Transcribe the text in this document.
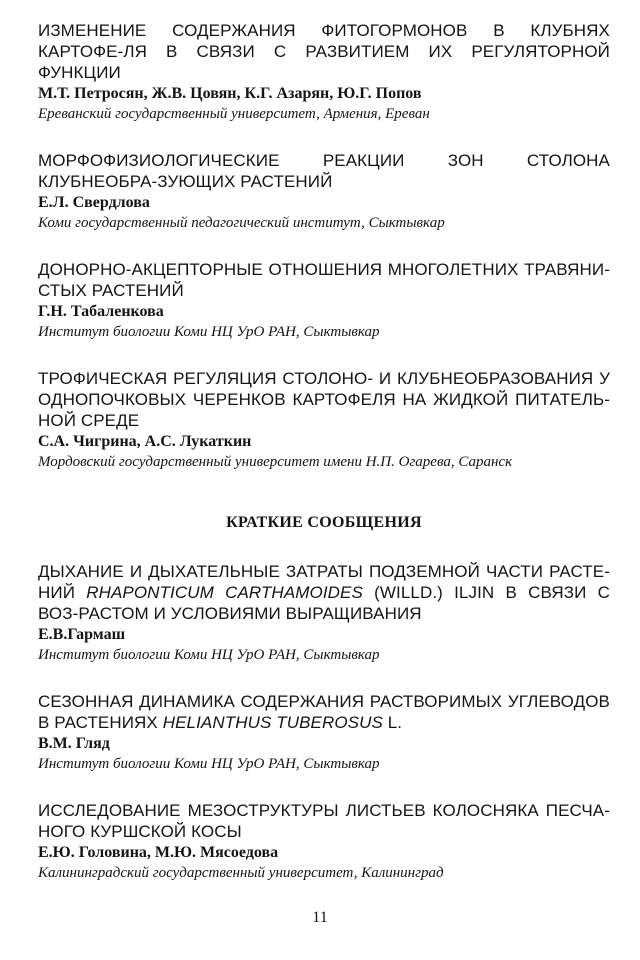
ИЗМЕНЕНИЕ СОДЕРЖАНИЯ ФИТОГОРМОНОВ В КЛУБНЯХ КАРТОФЕ-ЛЯ В СВЯЗИ С РАЗВИТИЕМ ИХ РЕГУЛЯТОРНОЙ ФУНКЦИИ
М.Т. Петросян, Ж.В. Цовян, К.Г. Азарян, Ю.Г. Попов
Ереванский государственный университет, Армения, Ереван
МОРФОФИЗИОЛОГИЧЕСКИЕ РЕАКЦИИ ЗОН СТОЛОНА КЛУБНЕОБРА-ЗУЮЩИХ РАСТЕНИЙ
Е.Л. Свердлова
Коми государственный педагогический институт, Сыктывкар
ДОНОРНО-АКЦЕПТОРНЫЕ ОТНОШЕНИЯ МНОГОЛЕТНИХ ТРАВЯНИ-СТЫХ РАСТЕНИЙ
Г.Н. Табаленкова
Институт биологии Коми НЦ УрО РАН, Сыктывкар
ТРОФИЧЕСКАЯ РЕГУЛЯЦИЯ СТОЛОНО- И КЛУБНЕОБРАЗОВАНИЯ У ОДНОПОЧКОВЫХ ЧЕРЕНКОВ КАРТОФЕЛЯ НА ЖИДКОЙ ПИТАТЕЛЬ-НОЙ СРЕДЕ
С.А. Чигрина, А.С. Лукаткин
Мордовский государственный университет имени Н.П. Огарева, Саранск
КРАТКИЕ СООБЩЕНИЯ
ДЫХАНИЕ И ДЫХАТЕЛЬНЫЕ ЗАТРАТЫ ПОДЗЕМНОЙ ЧАСТИ РАСТЕ-НИЙ RHAPONTICUM CARTHAMOIDES (WILLD.) ILJIN В СВЯЗИ С ВОЗ-РАСТОМ И УСЛОВИЯМИ ВЫРАЩИВАНИЯ
Е.В.Гармаш
Институт биологии Коми НЦ УрО РАН, Сыктывкар
СЕЗОННАЯ ДИНАМИКА СОДЕРЖАНИЯ РАСТВОРИМЫХ УГЛЕВОДОВ В РАСТЕНИЯХ HELIANTHUS TUBEROSUS L.
В.М. Гляд
Институт биологии Коми НЦ УрО РАН, Сыктывкар
ИССЛЕДОВАНИЕ МЕЗОСТРУКТУРЫ ЛИСТЬЕВ КОЛОСНЯКА ПЕСЧА-НОГО КУРШСКОЙ КОСЫ
Е.Ю. Головина, М.Ю. Мясоедова
Калининградский государственный университет, Калининград
11
